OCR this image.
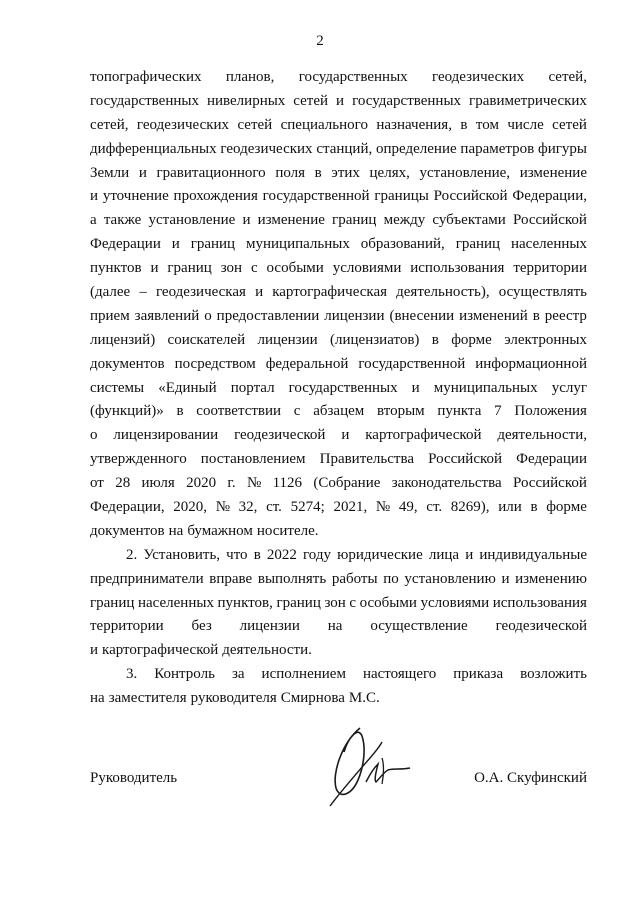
2
топографических планов, государственных геодезических сетей,
государственных нивелирных сетей и государственных гравиметрических
сетей, геодезических сетей специального назначения, в том числе сетей
дифференциальных геодезических станций, определение параметров фигуры
Земли и гравитационного поля в этих целях, установление, изменение
и уточнение прохождения государственной границы Российской Федерации,
а также установление и изменение границ между субъектами Российской
Федерации и границ муниципальных образований, границ населенных
пунктов и границ зон с особыми условиями использования территории
(далее – геодезическая и картографическая деятельность), осуществлять
прием заявлений о предоставлении лицензии (внесении изменений в реестр
лицензий) соискателей лицензии (лицензиатов) в форме электронных
документов посредством федеральной государственной информационной
системы «Единый портал государственных и муниципальных услуг
(функций)» в соответствии с абзацем вторым пункта 7 Положения
о лицензировании геодезической и картографической деятельности,
утвержденного постановлением Правительства Российской Федерации
от 28 июля 2020 г. № 1126 (Собрание законодательства Российской
Федерации, 2020, № 32, ст. 5274; 2021, № 49, ст. 8269), или в форме
документов на бумажном носителе.
2. Установить, что в 2022 году юридические лица и индивидуальные
предприниматели вправе выполнять работы по установлению и изменению
границ населенных пунктов, границ зон с особыми условиями использования
территории без лицензии на осуществление геодезической
и картографической деятельности.
3. Контроль за исполнением настоящего приказа возложить
на заместителя руководителя Смирнова М.С.
Руководитель	О.А. Скуфинский
